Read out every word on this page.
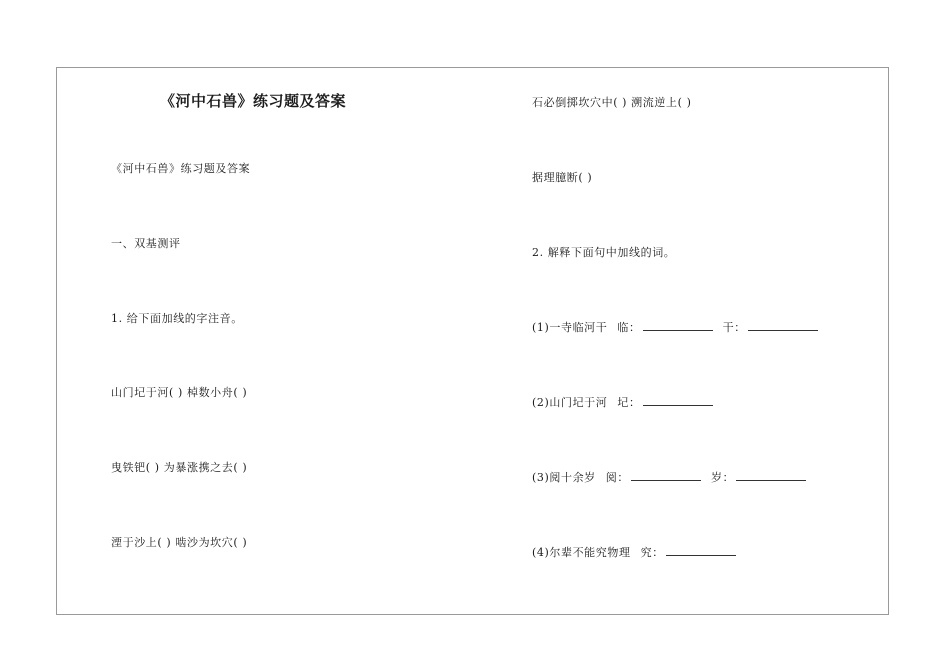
《河中石兽》练习题及答案
《河中石兽》练习题及答案
一、双基测评
1. 给下面加线的字注音。
山门圮于河( ) 棹数小舟( )
曳铁钯( ) 为暴涨携之去( )
湮于沙上( ) 啮沙为坎穴( )
石必倒掷坎穴中( ) 溯流逆上( )
据理臆断( )
2. 解释下面句中加线的词。
(1)一寺临河干 临：	干：
(2)山门圮于河 圮：
(3)阅十余岁 阅：	岁：
(4)尔辈不能究物理 究：
